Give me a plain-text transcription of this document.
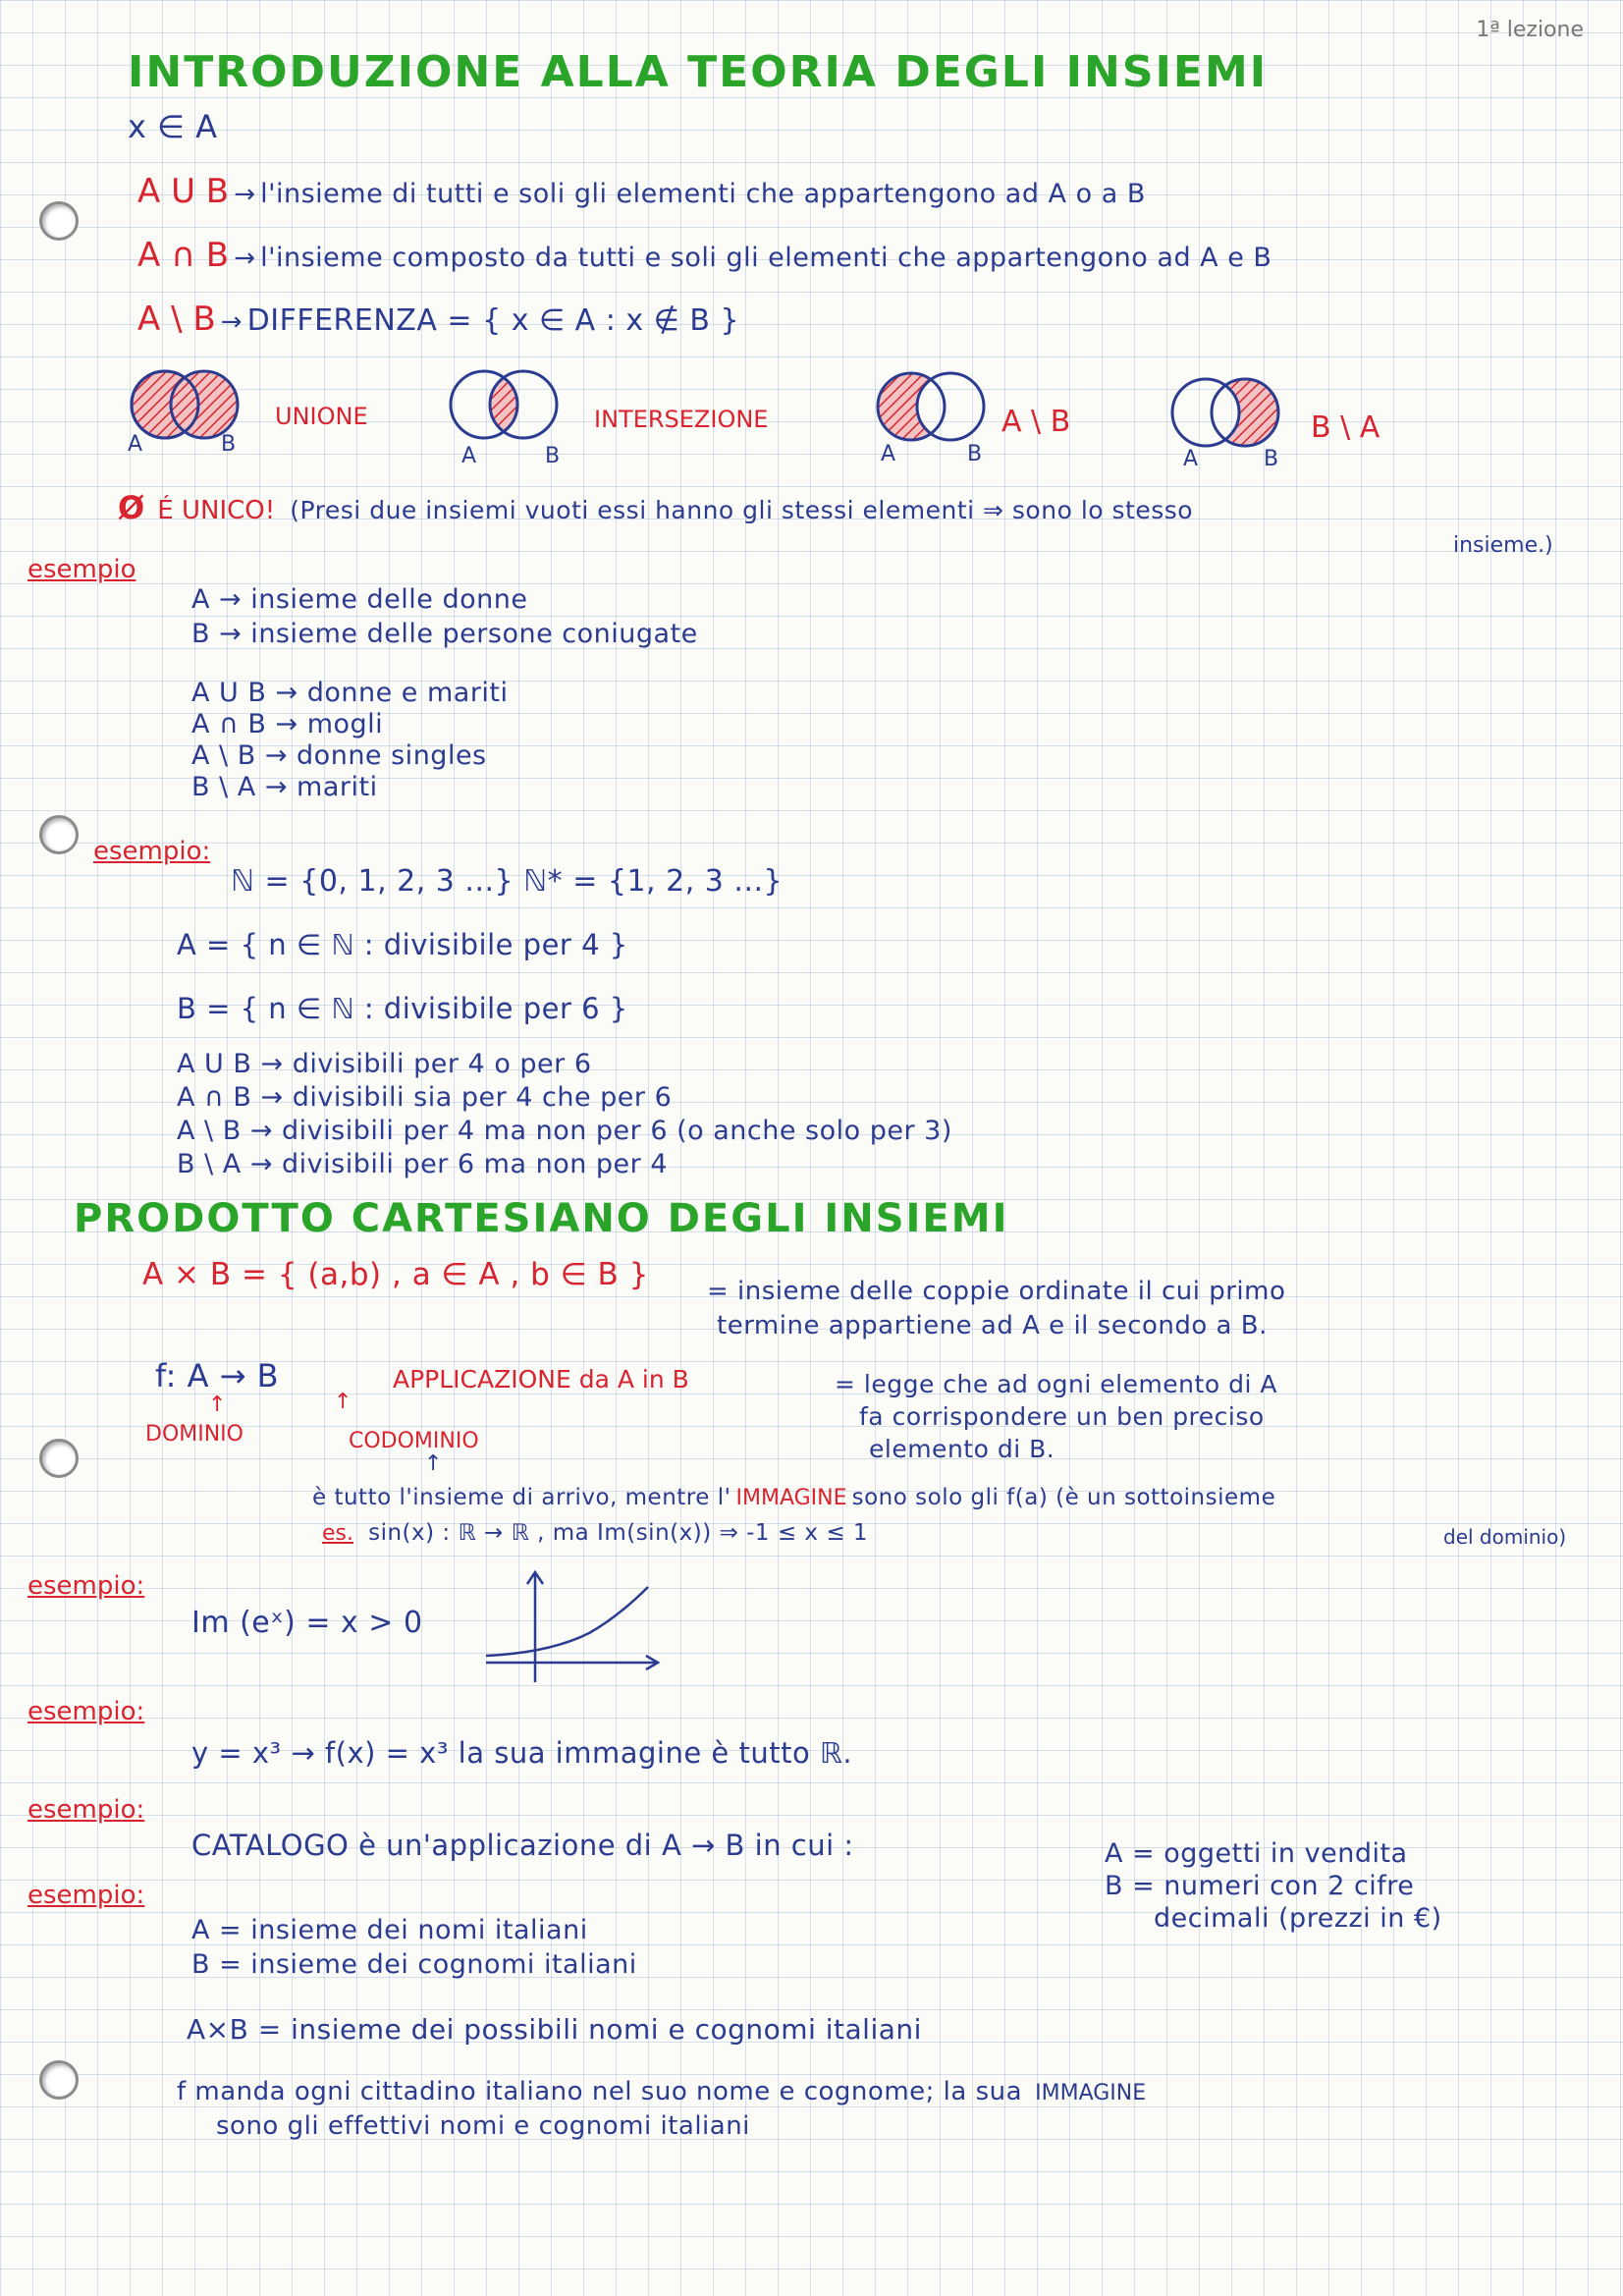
1ª lezione
INTRODUZIONE ALLA TEORIA DEGLI INSIEMI
x ∈ A
A U B → l'insieme di tutti e soli gli elementi che appartengono ad A o a B
A ∩ B → l'insieme composto da tutti e soli gli elementi che appartengono ad A e B
A \ B → DIFFERENZA = { x ∈ A : x ∉ B }
A	B
UNIONE
A	B
INTERSEZIONE
A	B
A \ B
A	B
B \ A
Ø É UNICO! (Presi due insiemi vuoti essi hanno gli stessi elementi ⇒ sono lo stesso
insieme.)
esempio
A → insieme delle donne
B → insieme delle persone coniugate
A U B → donne e mariti
A ∩ B → mogli
A \ B → donne singles
B \ A → mariti
esempio:
ℕ = {0, 1, 2, 3 ...} ℕ* = {1, 2, 3 ...}
A = { n ∈ ℕ : divisibile per 4 }
B = { n ∈ ℕ : divisibile per 6 }
A U B → divisibili per 4 o per 6
A ∩ B → divisibili sia per 4 che per 6
A \ B → divisibili per 4 ma non per 6 (o anche solo per 3)
B \ A → divisibili per 6 ma non per 4
PRODOTTO CARTESIANO DEGLI INSIEMI
A × B = { (a,b) , a ∈ A , b ∈ B } = insieme delle coppie ordinate il cui primo
termine appartiene ad A e il secondo a B.
f: A → B	APPLICAZIONE da A in B	= legge che ad ogni elemento di A
fa corrispondere un ben preciso
elemento di B.
↑	↑
DOMINIO	CODOMINIO
↑
è tutto l'insieme di arrivo, mentre l' IMMAGINE sono solo gli f(a) (è un sottoinsieme
del dominio)
es. sin(x) : ℝ → ℝ , ma Im(sin(x)) ⇒ -1 ≤ x ≤ 1
esempio:
Im (eˣ) = x > 0
esempio:
y = x³ → f(x) = x³ la sua immagine è tutto ℝ.
esempio:
CATALOGO è un'applicazione di A → B in cui :	A = oggetti in vendita
B = numeri con 2 cifre
decimali (prezzi in €)
esempio:
A = insieme dei nomi italiani
B = insieme dei cognomi italiani
A×B = insieme dei possibili nomi e cognomi italiani
f manda ogni cittadino italiano nel suo nome e cognome; la sua IMMAGINE
sono gli effettivi nomi e cognomi italiani
